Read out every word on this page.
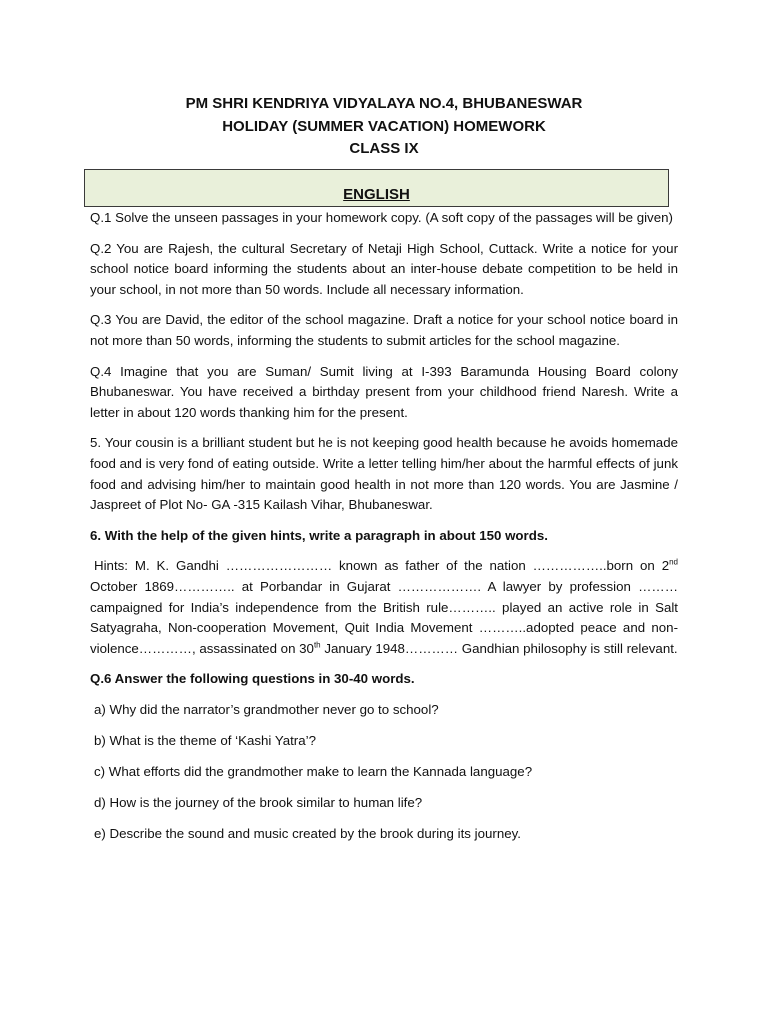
PM SHRI KENDRIYA VIDYALAYA NO.4, BHUBANESWAR
HOLIDAY (SUMMER VACATION) HOMEWORK
CLASS IX
ENGLISH

Q.1 Solve the unseen passages in your homework copy. (A soft copy of the passages will be given)

Q.2 You are Rajesh, the cultural Secretary of Netaji High School, Cuttack. Write a notice for your school notice board informing the students about an inter-house debate competition to be held in your school, in not more than 50 words. Include all necessary information.

Q.3 You are David, the editor of the school magazine. Draft a notice for your school notice board in not more than 50 words, informing the students to submit articles for the school magazine.

Q.4 Imagine that you are Suman/ Sumit living at I-393 Baramunda Housing Board colony Bhubaneswar. You have received a birthday present from your childhood friend Naresh. Write a letter in about 120 words thanking him for the present.

5. Your cousin is a brilliant student but he is not keeping good health because he avoids homemade food and is very fond of eating outside. Write a letter telling him/her about the harmful effects of junk food and advising him/her to maintain good health in not more than 120 words. You are Jasmine / Jaspreet of Plot No- GA -315 Kailash Vihar, Bhubaneswar.

6. With the help of the given hints, write a paragraph in about 150 words.

Hints: M. K. Gandhi …………………… known as father of the nation ……………..born on 2nd October 1869………….. at Porbandar in Gujarat ………………. A lawyer by profession ……… campaigned for India’s independence from the British rule……….. played an active role in Salt Satyagraha, Non-cooperation Movement, Quit India Movement ………..adopted peace and non-violence…………, assassinated on 30th January 1948………… Gandhian philosophy is still relevant.

Q.6 Answer the following questions in 30-40 words.

a) Why did the narrator’s grandmother never go to school?

b) What is the theme of ‘Kashi Yatra’?

c) What efforts did the grandmother make to learn the Kannada language?

d) How is the journey of the brook similar to human life?

e) Describe the sound and music created by the brook during its journey.
